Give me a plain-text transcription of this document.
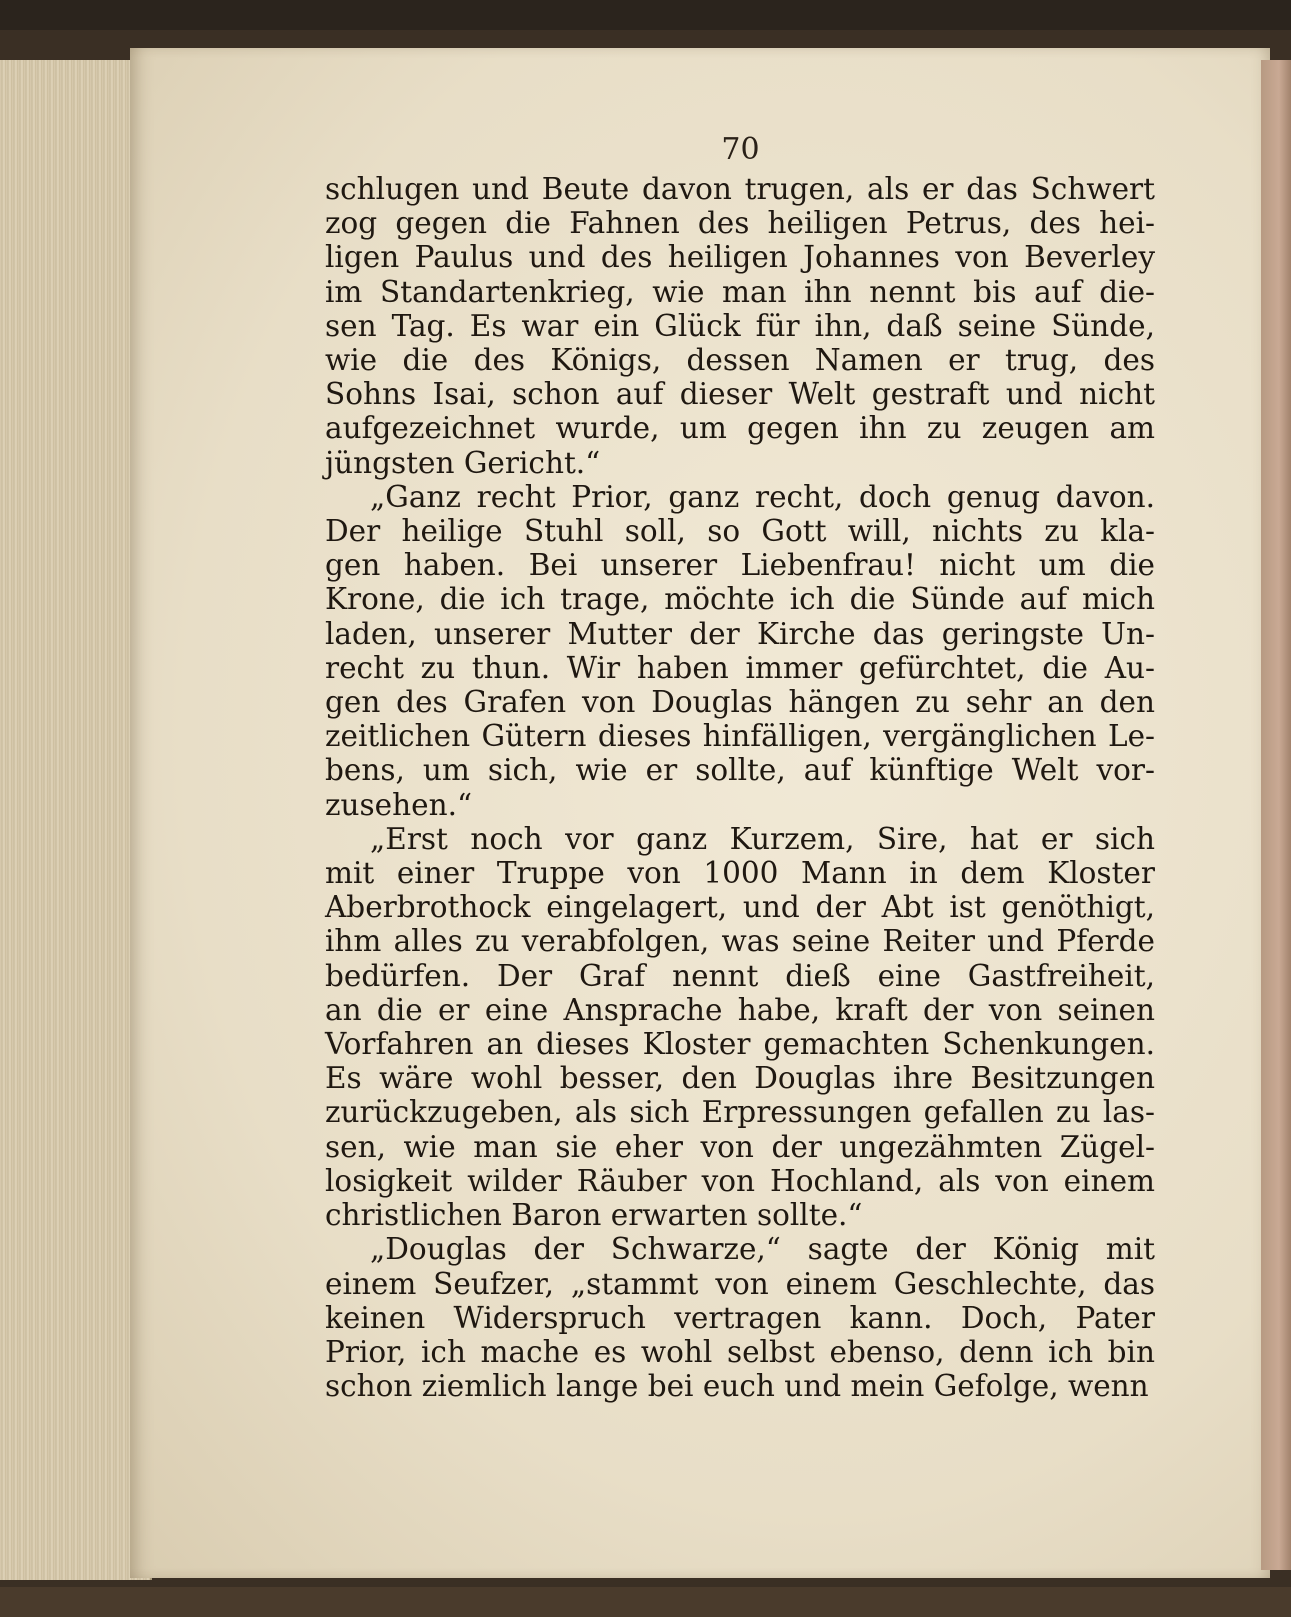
70
schlugen und Beute davon trugen, als er das Schwert
zog gegen die Fahnen des heiligen Petrus, des hei-
ligen Paulus und des heiligen Johannes von Beverley
im Standartenkrieg, wie man ihn nennt bis auf die-
sen Tag. Es war ein Glück für ihn, daß seine Sünde,
wie die des Königs, dessen Namen er trug, des
Sohns Isai, schon auf dieser Welt gestraft und nicht
aufgezeichnet wurde, um gegen ihn zu zeugen am
jüngsten Gericht.“
„Ganz recht Prior, ganz recht, doch genug davon.
Der heilige Stuhl soll, so Gott will, nichts zu kla-
gen haben. Bei unserer Liebenfrau! nicht um die
Krone, die ich trage, möchte ich die Sünde auf mich
laden, unserer Mutter der Kirche das geringste Un-
recht zu thun. Wir haben immer gefürchtet, die Au-
gen des Grafen von Douglas hängen zu sehr an den
zeitlichen Gütern dieses hinfälligen, vergänglichen Le-
bens, um sich, wie er sollte, auf künftige Welt vor-
zusehen.“
„Erst noch vor ganz Kurzem, Sire, hat er sich
mit einer Truppe von 1000 Mann in dem Kloster
Aberbrothock eingelagert, und der Abt ist genöthigt,
ihm alles zu verabfolgen, was seine Reiter und Pferde
bedürfen. Der Graf nennt dieß eine Gastfreiheit,
an die er eine Ansprache habe, kraft der von seinen
Vorfahren an dieses Kloster gemachten Schenkungen.
Es wäre wohl besser, den Douglas ihre Besitzungen
zurückzugeben, als sich Erpressungen gefallen zu las-
sen, wie man sie eher von der ungezähmten Zügel-
losigkeit wilder Räuber von Hochland, als von einem
christlichen Baron erwarten sollte.“
„Douglas der Schwarze,“ sagte der König mit
einem Seufzer, „stammt von einem Geschlechte, das
keinen Widerspruch vertragen kann. Doch, Pater
Prior, ich mache es wohl selbst ebenso, denn ich bin
schon ziemlich lange bei euch und mein Gefolge, wenn
